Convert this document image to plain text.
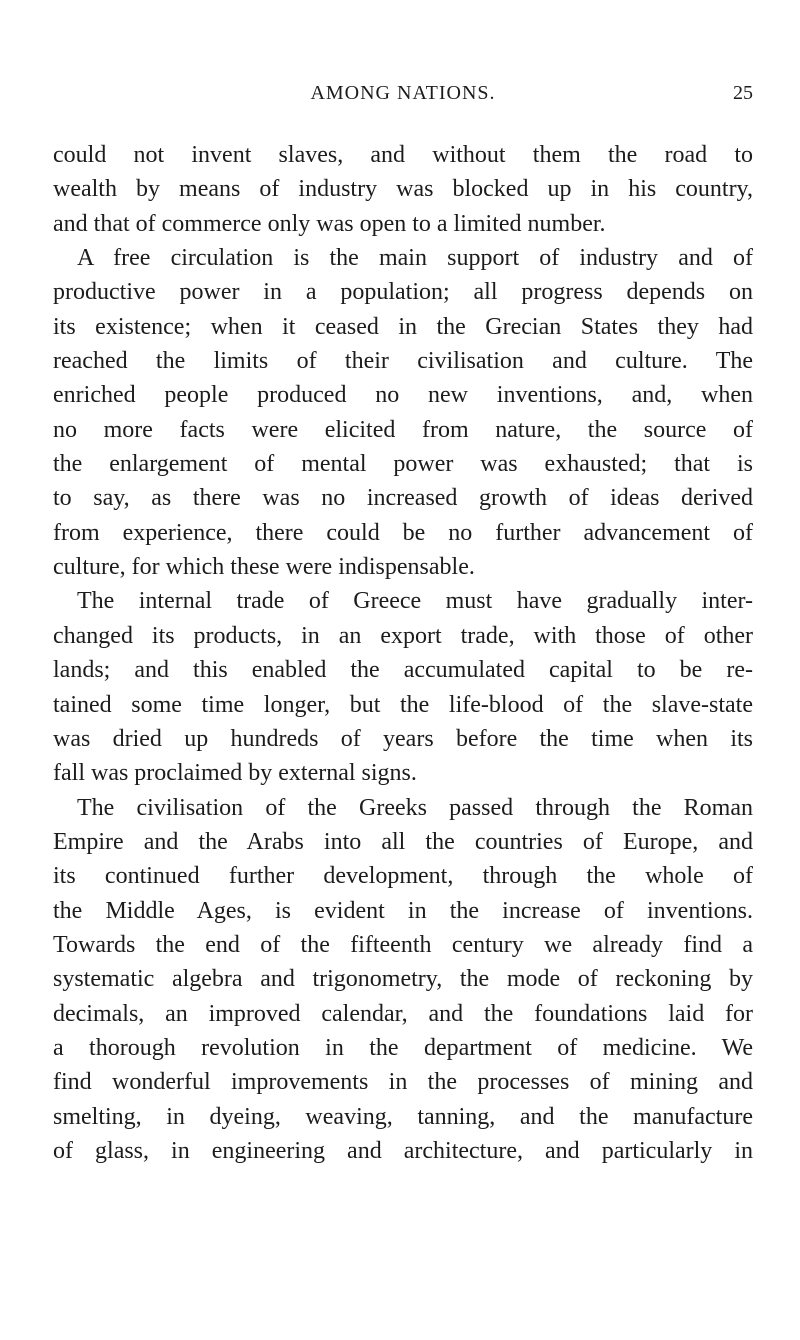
AMONG NATIONS.	25
could not invent slaves, and without them the road to
wealth by means of industry was blocked up in his country,
and that of commerce only was open to a limited number.
A free circulation is the main support of industry and of
productive power in a population; all progress depends on
its existence; when it ceased in the Grecian States they had
reached the limits of their civilisation and culture. The
enriched people produced no new inventions, and, when
no more facts were elicited from nature, the source of
the enlargement of mental power was exhausted; that is
to say, as there was no increased growth of ideas derived
from experience, there could be no further advancement of
culture, for which these were indispensable.
The internal trade of Greece must have gradually inter-
changed its products, in an export trade, with those of other
lands; and this enabled the accumulated capital to be re-
tained some time longer, but the life-blood of the slave-state
was dried up hundreds of years before the time when its
fall was proclaimed by external signs.
The civilisation of the Greeks passed through the Roman
Empire and the Arabs into all the countries of Europe, and
its continued further development, through the whole of
the Middle Ages, is evident in the increase of inventions.
Towards the end of the fifteenth century we already find a
systematic algebra and trigonometry, the mode of reckoning by
decimals, an improved calendar, and the foundations laid for
a thorough revolution in the department of medicine. We
find wonderful improvements in the processes of mining and
smelting, in dyeing, weaving, tanning, and the manufacture
of glass, in engineering and architecture, and particularly in
